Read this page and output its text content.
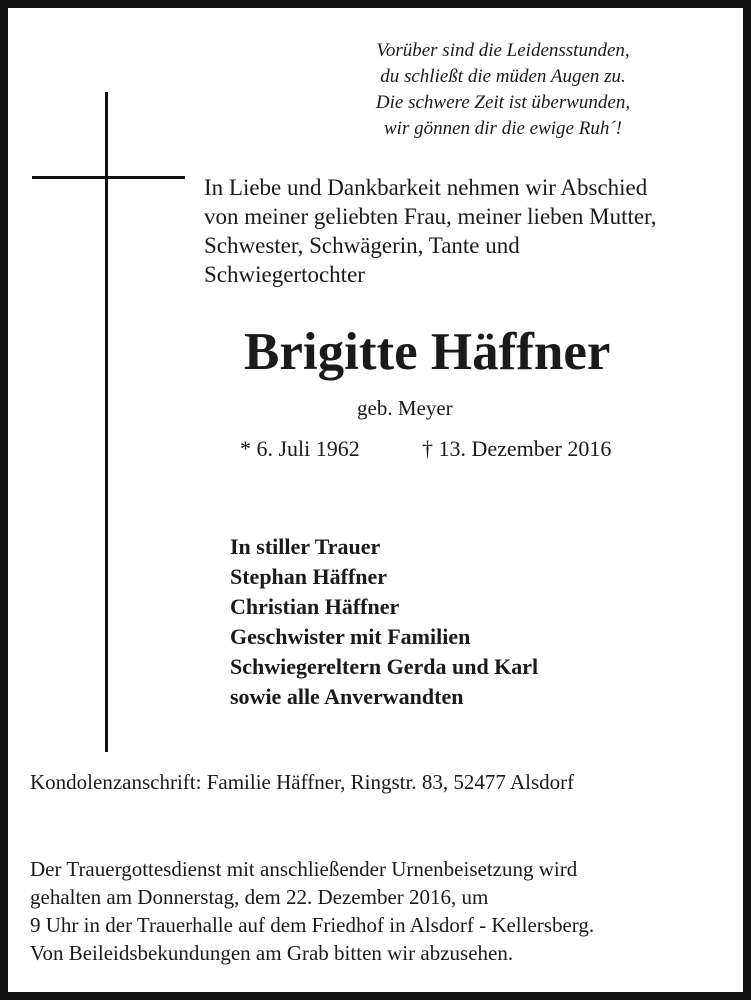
Vorüber sind die Leidensstunden,
du schließt die müden Augen zu.
Die schwere Zeit ist überwunden,
wir gönnen dir die ewige Ruh´!
In Liebe und Dankbarkeit nehmen wir Abschied
von meiner geliebten Frau, meiner lieben Mutter,
Schwester, Schwägerin, Tante und
Schwiegertochter
Brigitte Häffner
geb. Meyer
* 6. Juli 1962	† 13. Dezember 2016
In stiller Trauer
Stephan Häffner
Christian Häffner
Geschwister mit Familien
Schwiegereltern Gerda und Karl
sowie alle Anverwandten
Kondolenzanschrift: Familie Häffner, Ringstr. 83, 52477 Alsdorf
Der Trauergottesdienst mit anschließender Urnenbeisetzung wird
gehalten am Donnerstag, dem 22. Dezember 2016, um
9 Uhr in der Trauerhalle auf dem Friedhof in Alsdorf - Kellersberg.
Von Beileidsbekundungen am Grab bitten wir abzusehen.
